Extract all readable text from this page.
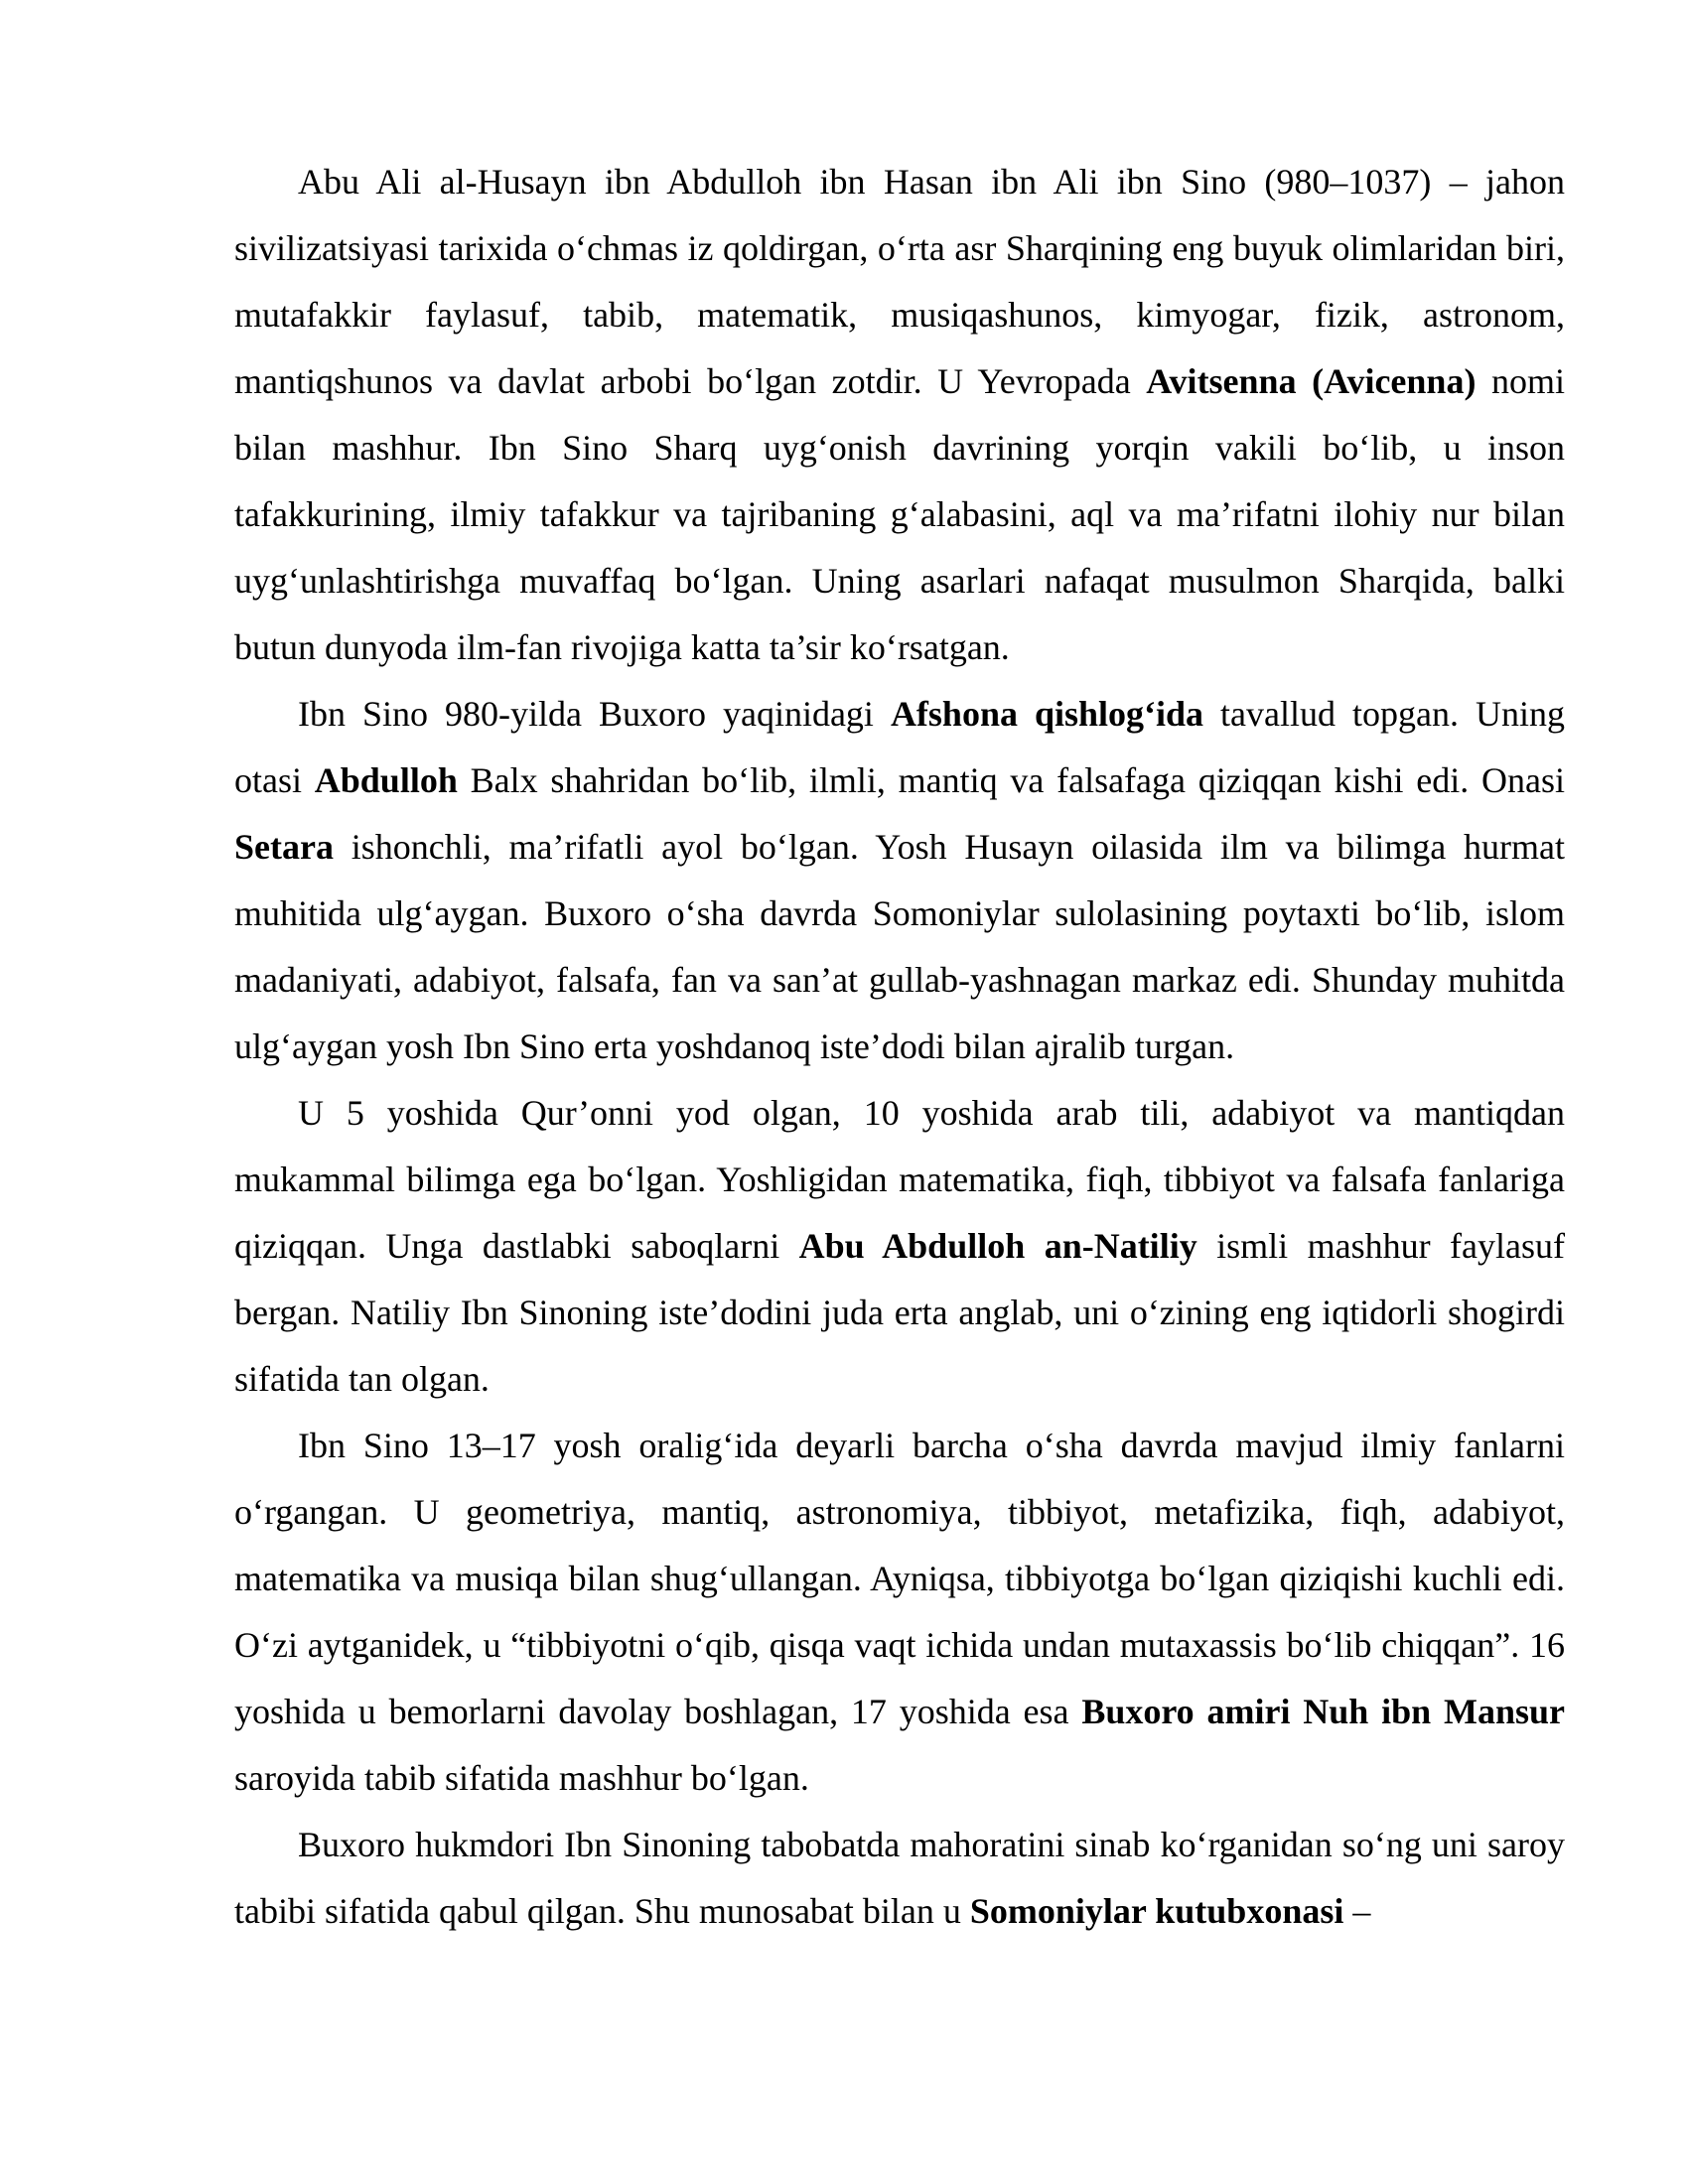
Abu Ali al-Husayn ibn Abdulloh ibn Hasan ibn Ali ibn Sino (980–1037) – jahon sivilizatsiyasi tarixida o‘chmas iz qoldirgan, o‘rta asr Sharqining eng buyuk olimlaridan biri, mutafakkir faylasuf, tabib, matematik, musiqashunos, kimyogar, fizik, astronom, mantiqshunos va davlat arbobi bo‘lgan zotdir. U Yevropada Avitsenna (Avicenna) nomi bilan mashhur. Ibn Sino Sharq uyg‘onish davrining yorqin vakili bo‘lib, u inson tafakkurining, ilmiy tafakkur va tajribaning g‘alabasini, aql va ma’rifatni ilohiy nur bilan uyg‘unlashtirishga muvaffaq bo‘lgan. Uning asarlari nafaqat musulmon Sharqida, balki butun dunyoda ilm-fan rivojiga katta ta’sir ko‘rsatgan.

Ibn Sino 980-yilda Buxoro yaqinidagi Afshona qishlog‘ida tavallud topgan. Uning otasi Abdulloh Balx shahridan bo‘lib, ilmli, mantiq va falsafaga qiziqqan kishi edi. Onasi Setara ishonchli, ma’rifatli ayol bo‘lgan. Yosh Husayn oilasida ilm va bilimga hurmat muhitida ulg‘aygan. Buxoro o‘sha davrda Somoniylar sulolasining poytaxti bo‘lib, islom madaniyati, adabiyot, falsafa, fan va san’at gullab-yashnagan markaz edi. Shunday muhitda ulg‘aygan yosh Ibn Sino erta yoshdanoq iste’dodi bilan ajralib turgan.

U 5 yoshida Qur’onni yod olgan, 10 yoshida arab tili, adabiyot va mantiqdan mukammal bilimga ega bo‘lgan. Yoshligidan matematika, fiqh, tibbiyot va falsafa fanlariga qiziqqan. Unga dastlabki saboqlarni Abu Abdulloh an-Natiliy ismli mashhur faylasuf bergan. Natiliy Ibn Sinoning iste’dodini juda erta anglab, uni o‘zining eng iqtidorli shogirdi sifatida tan olgan.

Ibn Sino 13–17 yosh oralig‘ida deyarli barcha o‘sha davrda mavjud ilmiy fanlarni o‘rgangan. U geometriya, mantiq, astronomiya, tibbiyot, metafizika, fiqh, adabiyot, matematika va musiqa bilan shug‘ullangan. Ayniqsa, tibbiyotga bo‘lgan qiziqishi kuchli edi. O‘zi aytganidek, u “tibbiyotni o‘qib, qisqa vaqt ichida undan mutaxassis bo‘lib chiqqan”. 16 yoshida u bemorlarni davolay boshlagan, 17 yoshida esa Buxoro amiri Nuh ibn Mansur saroyida tabib sifatida mashhur bo‘lgan.

Buxoro hukmdori Ibn Sinoning tabobatda mahoratini sinab ko‘rganidan so‘ng uni saroy tabibi sifatida qabul qilgan. Shu munosabat bilan u Somoniylar kutubxonasi –
